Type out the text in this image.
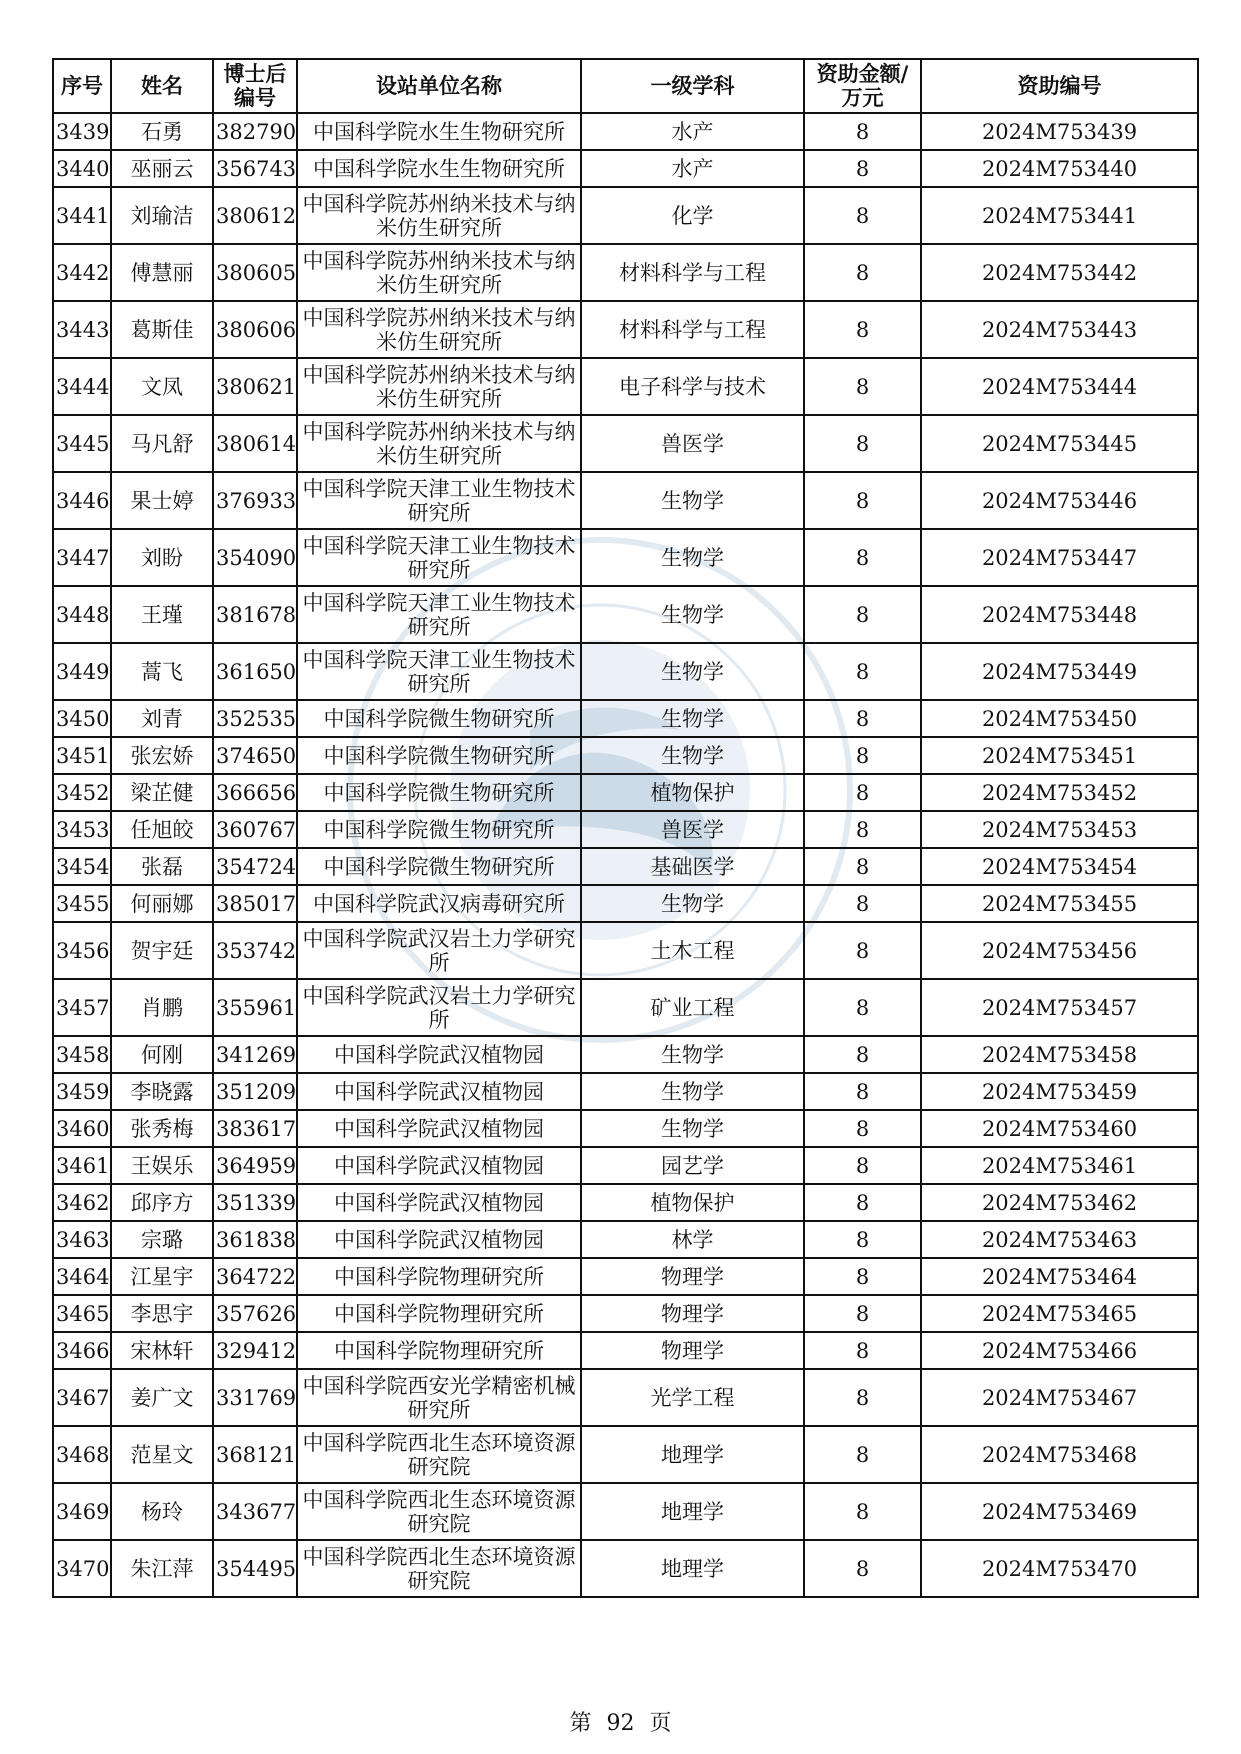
序号	姓名	博士后编号	设站单位名称	一级学科	资助金额/万元	资助编号
3439	石勇	382790	中国科学院水生生物研究所	水产	8	2024M753439
3440	巫丽云	356743	中国科学院水生生物研究所	水产	8	2024M753440
3441	刘瑜洁	380612	中国科学院苏州纳米技术与纳米仿生研究所	化学	8	2024M753441
3442	傅慧丽	380605	中国科学院苏州纳米技术与纳米仿生研究所	材料科学与工程	8	2024M753442
3443	葛斯佳	380606	中国科学院苏州纳米技术与纳米仿生研究所	材料科学与工程	8	2024M753443
3444	文凤	380621	中国科学院苏州纳米技术与纳米仿生研究所	电子科学与技术	8	2024M753444
3445	马凡舒	380614	中国科学院苏州纳米技术与纳米仿生研究所	兽医学	8	2024M753445
3446	果士婷	376933	中国科学院天津工业生物技术研究所	生物学	8	2024M753446
3447	刘盼	354090	中国科学院天津工业生物技术研究所	生物学	8	2024M753447
3448	王瑾	381678	中国科学院天津工业生物技术研究所	生物学	8	2024M753448
3449	蒿飞	361650	中国科学院天津工业生物技术研究所	生物学	8	2024M753449
3450	刘青	352535	中国科学院微生物研究所	生物学	8	2024M753450
3451	张宏娇	374650	中国科学院微生物研究所	生物学	8	2024M753451
3452	梁芷健	366656	中国科学院微生物研究所	植物保护	8	2024M753452
3453	任旭皎	360767	中国科学院微生物研究所	兽医学	8	2024M753453
3454	张磊	354724	中国科学院微生物研究所	基础医学	8	2024M753454
3455	何丽娜	385017	中国科学院武汉病毒研究所	生物学	8	2024M753455
3456	贺宇廷	353742	中国科学院武汉岩土力学研究所	土木工程	8	2024M753456
3457	肖鹏	355961	中国科学院武汉岩土力学研究所	矿业工程	8	2024M753457
3458	何刚	341269	中国科学院武汉植物园	生物学	8	2024M753458
3459	李晓露	351209	中国科学院武汉植物园	生物学	8	2024M753459
3460	张秀梅	383617	中国科学院武汉植物园	生物学	8	2024M753460
3461	王娱乐	364959	中国科学院武汉植物园	园艺学	8	2024M753461
3462	邱序方	351339	中国科学院武汉植物园	植物保护	8	2024M753462
3463	宗璐	361838	中国科学院武汉植物园	林学	8	2024M753463
3464	江星宇	364722	中国科学院物理研究所	物理学	8	2024M753464
3465	李思宇	357626	中国科学院物理研究所	物理学	8	2024M753465
3466	宋林轩	329412	中国科学院物理研究所	物理学	8	2024M753466
3467	姜广文	331769	中国科学院西安光学精密机械研究所	光学工程	8	2024M753467
3468	范星文	368121	中国科学院西北生态环境资源研究院	地理学	8	2024M753468
3469	杨玲	343677	中国科学院西北生态环境资源研究院	地理学	8	2024M753469
3470	朱江萍	354495	中国科学院西北生态环境资源研究院	地理学	8	2024M753470
第 92 页
